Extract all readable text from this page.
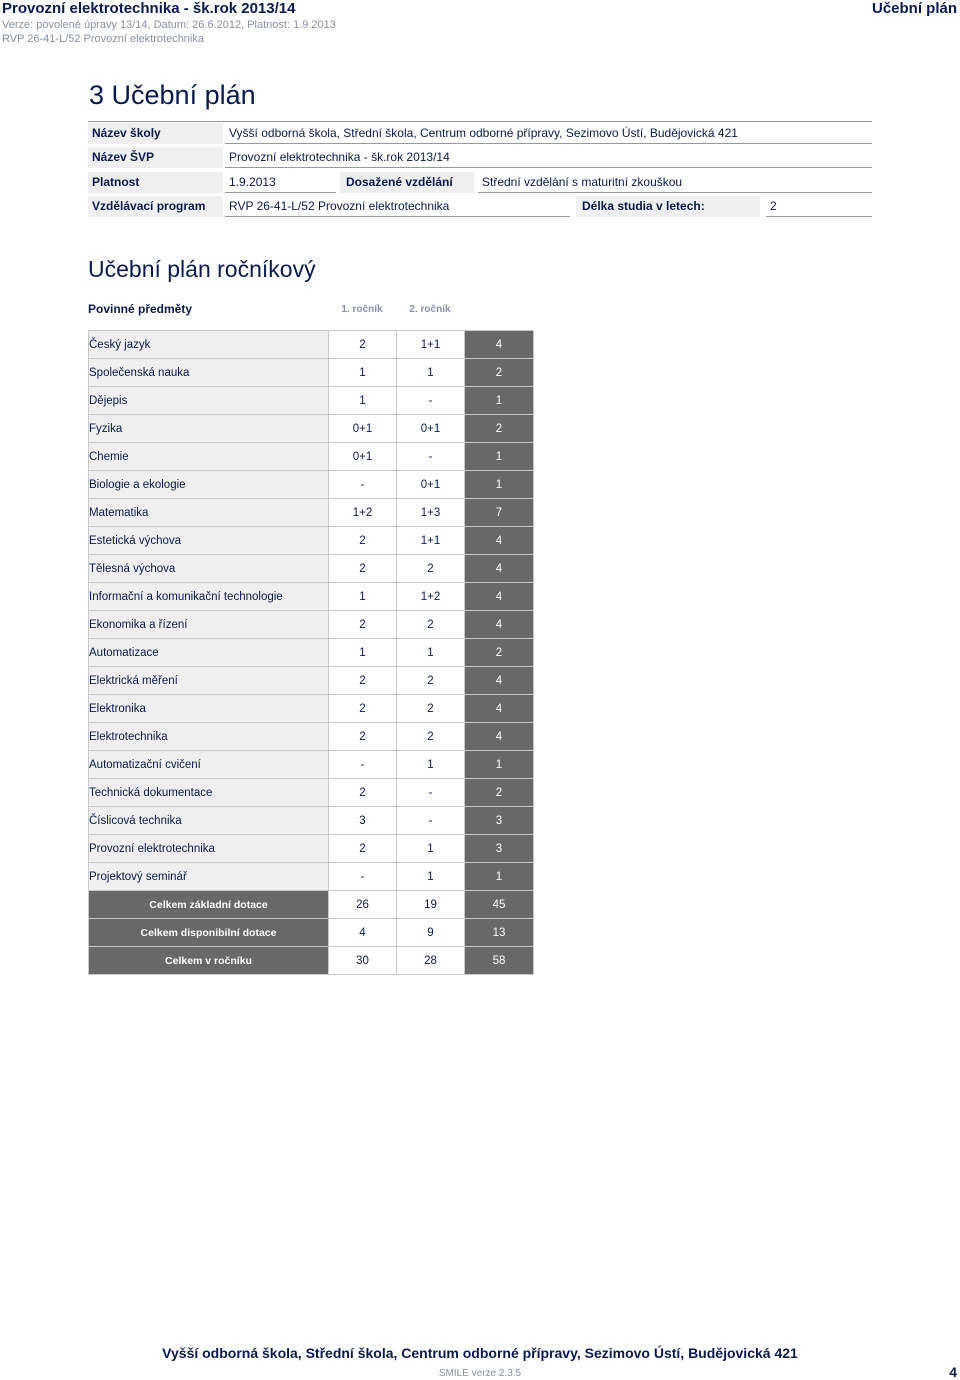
Provozní elektrotechnika - šk.rok 2013/14
Verze: povolené úpravy 13/14, Datum: 26.6.2012, Platnost: 1.9.2013
RVP 26-41-L/52 Provozní elektrotechnika
Učební plán
3 Učební plán
Název školy	Vyšší odborná škola, Střední škola, Centrum odborné přípravy, Sezimovo Ústí, Budějovická 421
Název ŠVP	Provozní elektrotechnika - šk.rok 2013/14
Platnost	1.9.2013	Dosažené vzdělání	Střední vzdělání s maturitní zkouškou
Vzdělávací program	RVP 26-41-L/52 Provozní elektrotechnika	Délka studia v letech:	2
Učební plán ročníkový
Povinné předměty	1. ročník	2. ročník
Český jazyk	2	1+1	4
Společenská nauka	1	1	2
Dějepis	1	-	1
Fyzika	0+1	0+1	2
Chemie	0+1	-	1
Biologie a ekologie	-	0+1	1
Matematika	1+2	1+3	7
Estetická výchova	2	1+1	4
Tělesná výchova	2	2	4
Informační a komunikační technologie	1	1+2	4
Ekonomika a řízení	2	2	4
Automatizace	1	1	2
Elektrická měření	2	2	4
Elektronika	2	2	4
Elektrotechnika	2	2	4
Automatizační cvičení	-	1	1
Technická dokumentace	2	-	2
Číslicová technika	3	-	3
Provozní elektrotechnika	2	1	3
Projektový seminář	-	1	1
Celkem základní dotace	26	19	45
Celkem disponibilní dotace	4	9	13
Celkem v ročníku	30	28	58
Vyšší odborná škola, Střední škola, Centrum odborné přípravy, Sezimovo Ústí, Budějovická 421
SMILE verze 2.3.5	4
